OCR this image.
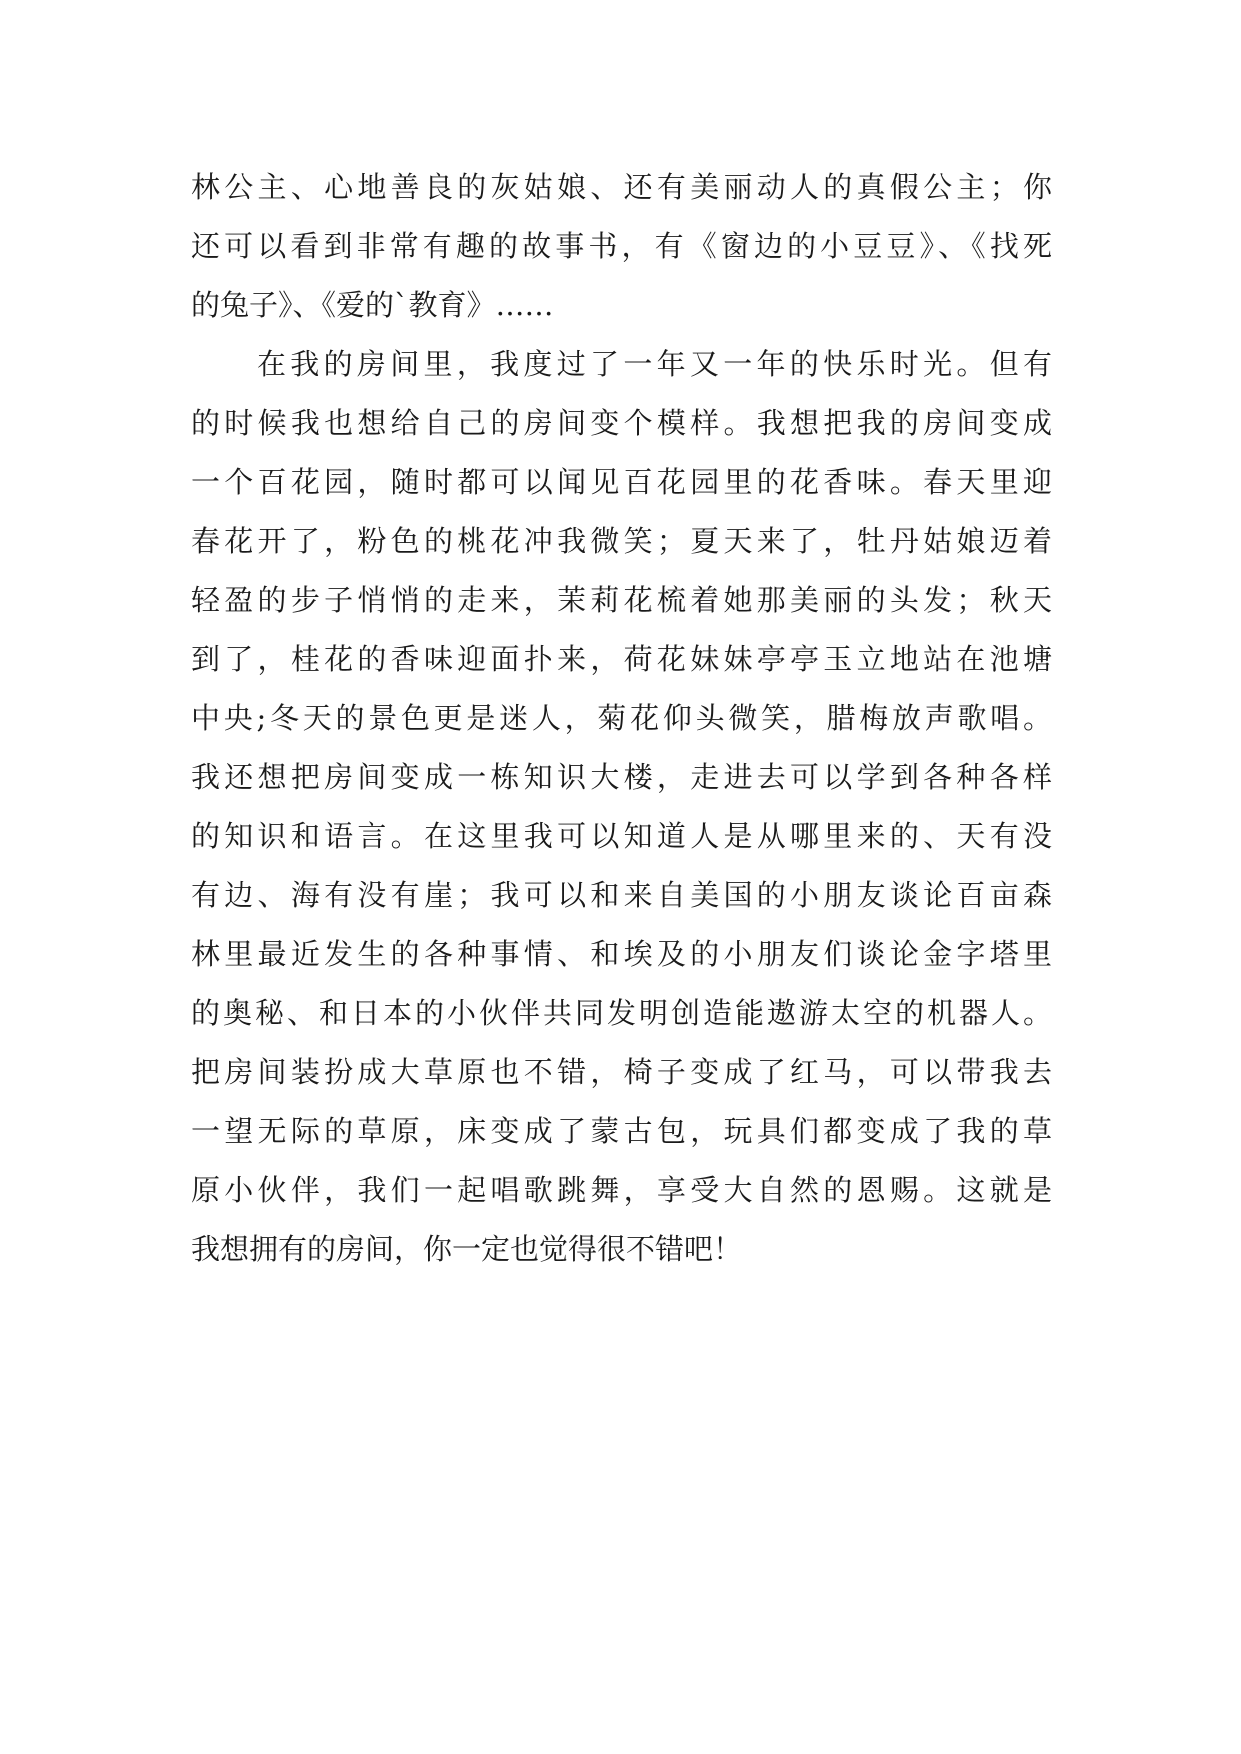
林公主、心地善良的灰姑娘、还有美丽动人的真假公主；你
还可以看到非常有趣的故事书，有《窗边的小豆豆》、《找死
的兔子》、《爱的`教育》……
在我的房间里，我度过了一年又一年的快乐时光。但有
的时候我也想给自己的房间变个模样。我想把我的房间变成
一个百花园，随时都可以闻见百花园里的花香味。春天里迎
春花开了，粉色的桃花冲我微笑；夏天来了，牡丹姑娘迈着
轻盈的步子悄悄的走来，茉莉花梳着她那美丽的头发；秋天
到了，桂花的香味迎面扑来，荷花妹妹亭亭玉立地站在池塘
中央;冬天的景色更是迷人，菊花仰头微笑，腊梅放声歌唱。
我还想把房间变成一栋知识大楼，走进去可以学到各种各样
的知识和语言。在这里我可以知道人是从哪里来的、天有没
有边、海有没有崖；我可以和来自美国的小朋友谈论百亩森
林里最近发生的各种事情、和埃及的小朋友们谈论金字塔里
的奥秘、和日本的小伙伴共同发明创造能遨游太空的机器人。
把房间装扮成大草原也不错，椅子变成了红马，可以带我去
一望无际的草原，床变成了蒙古包，玩具们都变成了我的草
原小伙伴，我们一起唱歌跳舞，享受大自然的恩赐。这就是
我想拥有的房间，你一定也觉得很不错吧！
